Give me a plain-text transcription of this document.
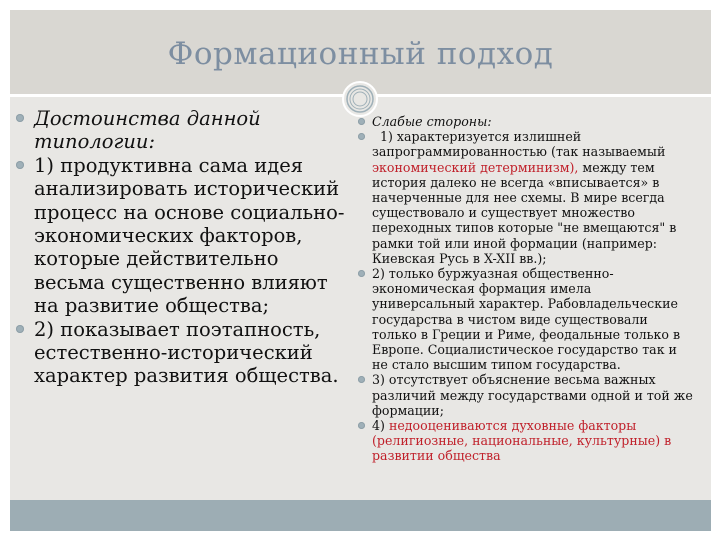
Формационный подход
Достоинства данной типологии:
1) продуктивна сама идея анализировать исторический процесс на основе социально-экономических факторов, которые действительно весьма существенно влияют на развитие общества;
2) показывает поэтапность, естественно-исторический характер развития общества.
Слабые стороны:
1) характеризуется излишней запрограммированностью (так называемый экономический детерминизм), между тем история далеко не всегда «вписывается» в начерченные для нее схемы. В мире всегда существовало и существует множество переходных типов которые "не вмещаются" в рамки той или иной формации (например: Киевская Русь в X-XII вв.);
2) только буржуазная общественно-экономическая формация имела универсальный характер. Рабовладельческие государства в чистом виде существовали только в Греции и Риме, феодальные только в Европе. Социалистическое государство так и не стало высшим типом государства.
3) отсутствует объяснение весьма важных различий между государствами одной и той же формации;
4) недооцениваются духовные факторы (религиозные, национальные, культурные) в развитии общества
